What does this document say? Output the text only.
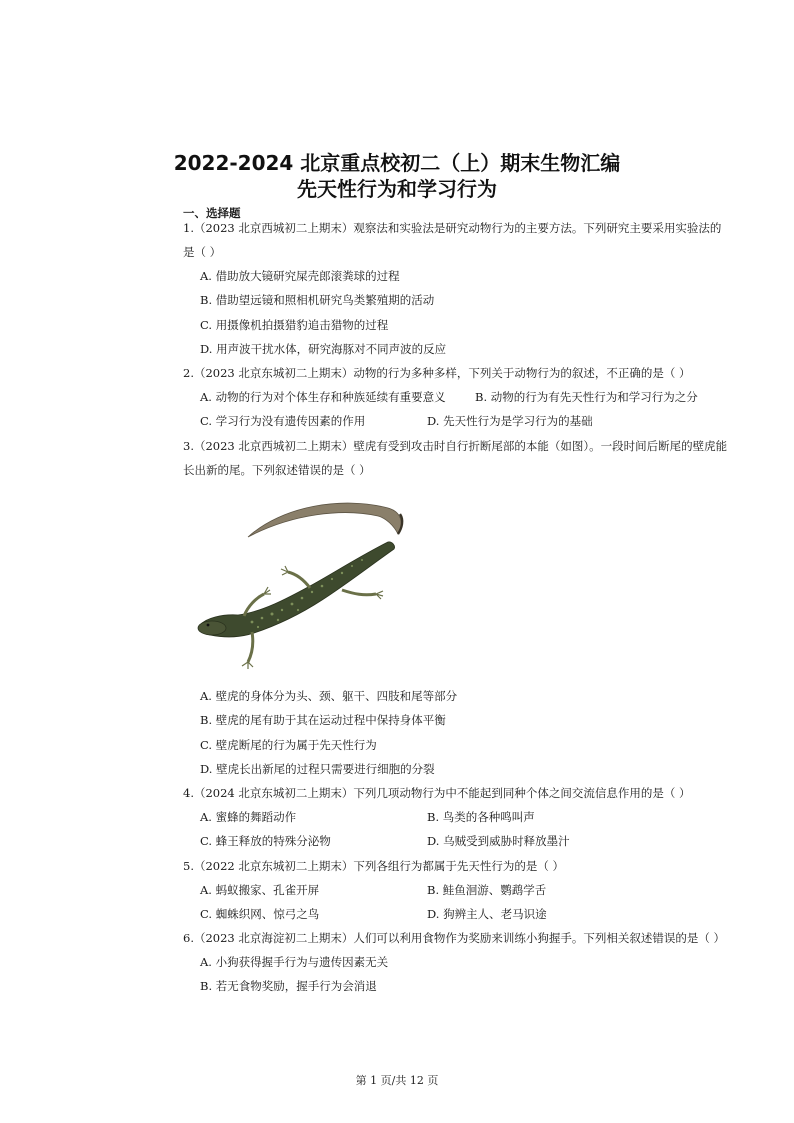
2022-2024 北京重点校初二（上）期末生物汇编
先天性行为和学习行为
一、选择题
1.（2023 北京西城初二上期末）观察法和实验法是研究动物行为的主要方法。下列研究主要采用实验法的
是（ ）
A. 借助放大镜研究屎壳郎滚粪球的过程
B. 借助望远镜和照相机研究鸟类繁殖期的活动
C. 用摄像机拍摄猎豹追击猎物的过程
D. 用声波干扰水体，研究海豚对不同声波的反应
2.（2023 北京东城初二上期末）动物的行为多种多样，下列关于动物行为的叙述，不正确的是（ ）
A. 动物的行为对个体生存和种族延续有重要意义	B. 动物的行为有先天性行为和学习行为之分
C. 学习行为没有遗传因素的作用	D. 先天性行为是学习行为的基础
3.（2023 北京西城初二上期末）壁虎有受到攻击时自行折断尾部的本能（如图）。一段时间后断尾的壁虎能
长出新的尾。下列叙述错误的是（ ）
A. 壁虎的身体分为头、颈、躯干、四肢和尾等部分
B. 壁虎的尾有助于其在运动过程中保持身体平衡
C. 壁虎断尾的行为属于先天性行为
D. 壁虎长出新尾的过程只需要进行细胞的分裂
4.（2024 北京东城初二上期末）下列几项动物行为中不能起到同种个体之间交流信息作用的是（ ）
A. 蜜蜂的舞蹈动作	B. 鸟类的各种鸣叫声
C. 蜂王释放的特殊分泌物	D. 乌贼受到威胁时释放墨汁
5.（2022 北京东城初二上期末）下列各组行为都属于先天性行为的是（ ）
A. 蚂蚁搬家、孔雀开屏	B. 鲑鱼洄游、鹦鹉学舌
C. 蜘蛛织网、惊弓之鸟	D. 狗辨主人、老马识途
6.（2023 北京海淀初二上期末）人们可以利用食物作为奖励来训练小狗握手。下列相关叙述错误的是（ ）
A. 小狗获得握手行为与遗传因素无关
B. 若无食物奖励，握手行为会消退
第 1 页/共 12 页
